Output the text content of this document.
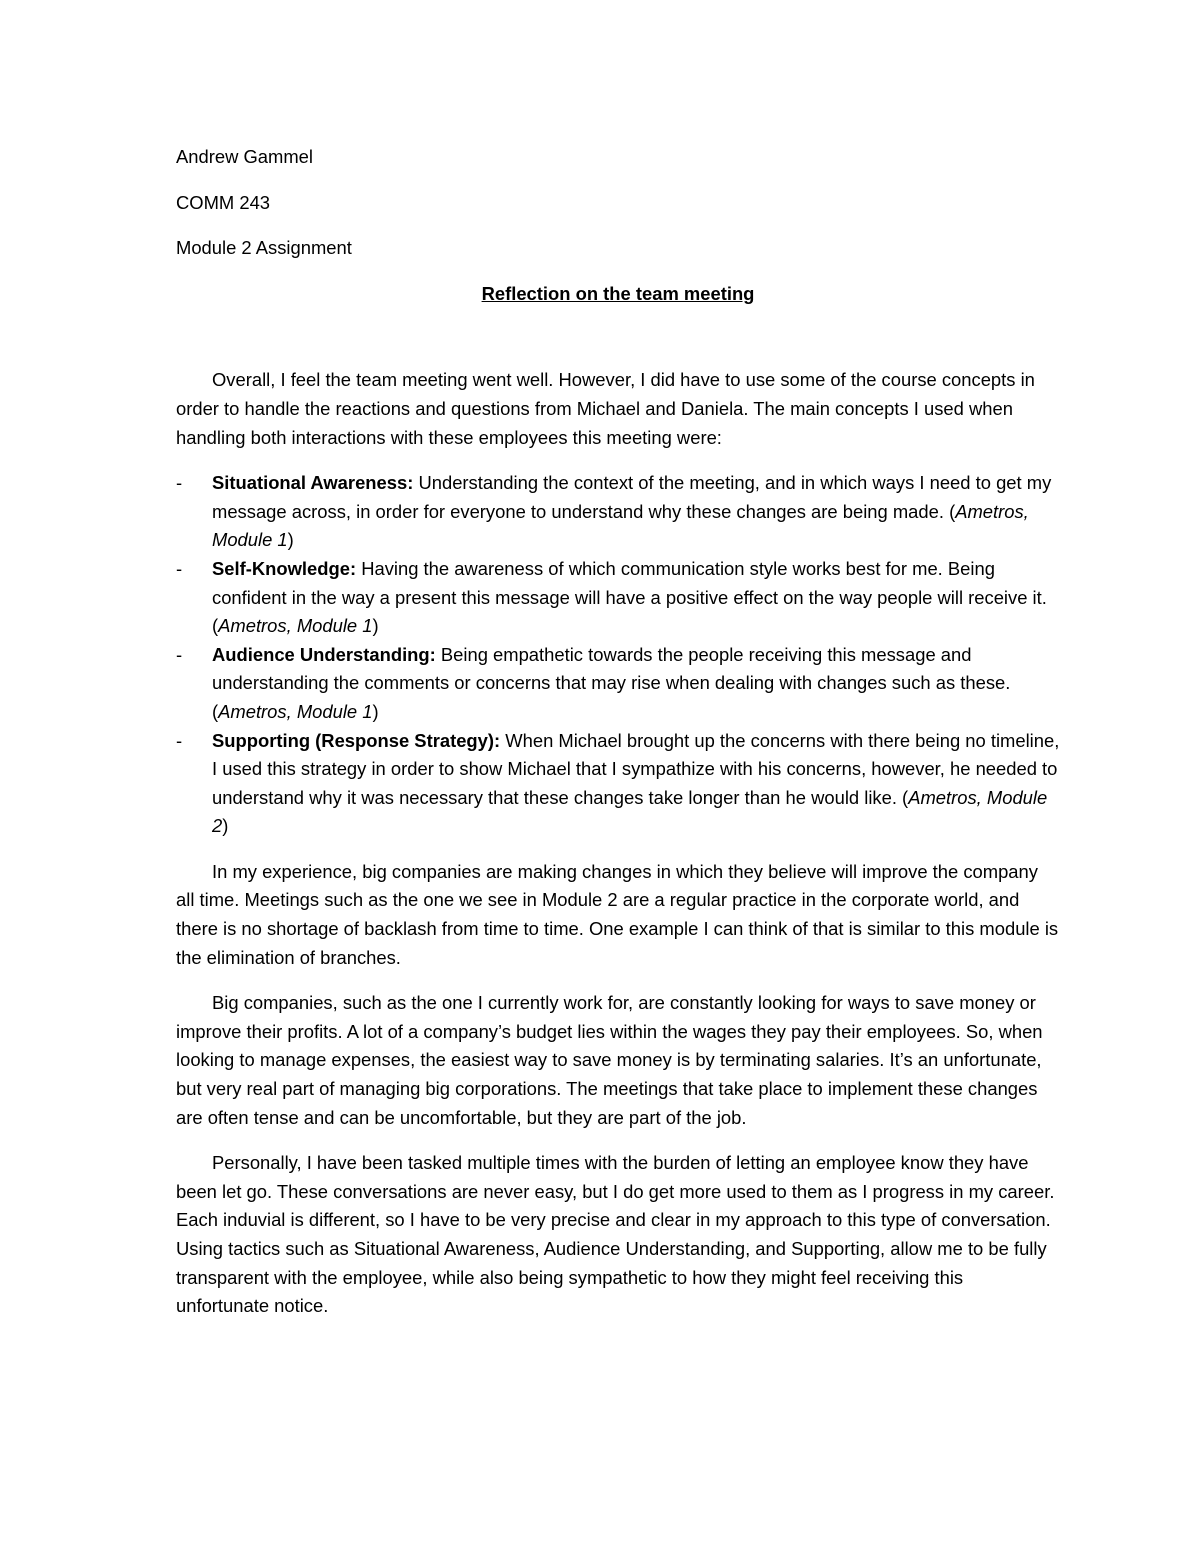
Andrew Gammel

COMM 243

Module 2 Assignment

Reflection on the team meeting

Overall, I feel the team meeting went well. However, I did have to use some of the course concepts in order to handle the reactions and questions from Michael and Daniela. The main concepts I used when handling both interactions with these employees this meeting were:

- Situational Awareness: Understanding the context of the meeting, and in which ways I need to get my message across, in order for everyone to understand why these changes are being made. (Ametros, Module 1)
- Self-Knowledge: Having the awareness of which communication style works best for me. Being confident in the way a present this message will have a positive effect on the way people will receive it. (Ametros, Module 1)
- Audience Understanding: Being empathetic towards the people receiving this message and understanding the comments or concerns that may rise when dealing with changes such as these. (Ametros, Module 1)
- Supporting (Response Strategy): When Michael brought up the concerns with there being no timeline, I used this strategy in order to show Michael that I sympathize with his concerns, however, he needed to understand why it was necessary that these changes take longer than he would like. (Ametros, Module 2)

In my experience, big companies are making changes in which they believe will improve the company all time. Meetings such as the one we see in Module 2 are a regular practice in the corporate world, and there is no shortage of backlash from time to time. One example I can think of that is similar to this module is the elimination of branches.

Big companies, such as the one I currently work for, are constantly looking for ways to save money or improve their profits. A lot of a company’s budget lies within the wages they pay their employees. So, when looking to manage expenses, the easiest way to save money is by terminating salaries. It’s an unfortunate, but very real part of managing big corporations. The meetings that take place to implement these changes are often tense and can be uncomfortable, but they are part of the job.

Personally, I have been tasked multiple times with the burden of letting an employee know they have been let go. These conversations are never easy, but I do get more used to them as I progress in my career. Each induvial is different, so I have to be very precise and clear in my approach to this type of conversation. Using tactics such as Situational Awareness, Audience Understanding, and Supporting, allow me to be fully transparent with the employee, while also being sympathetic to how they might feel receiving this unfortunate notice.
